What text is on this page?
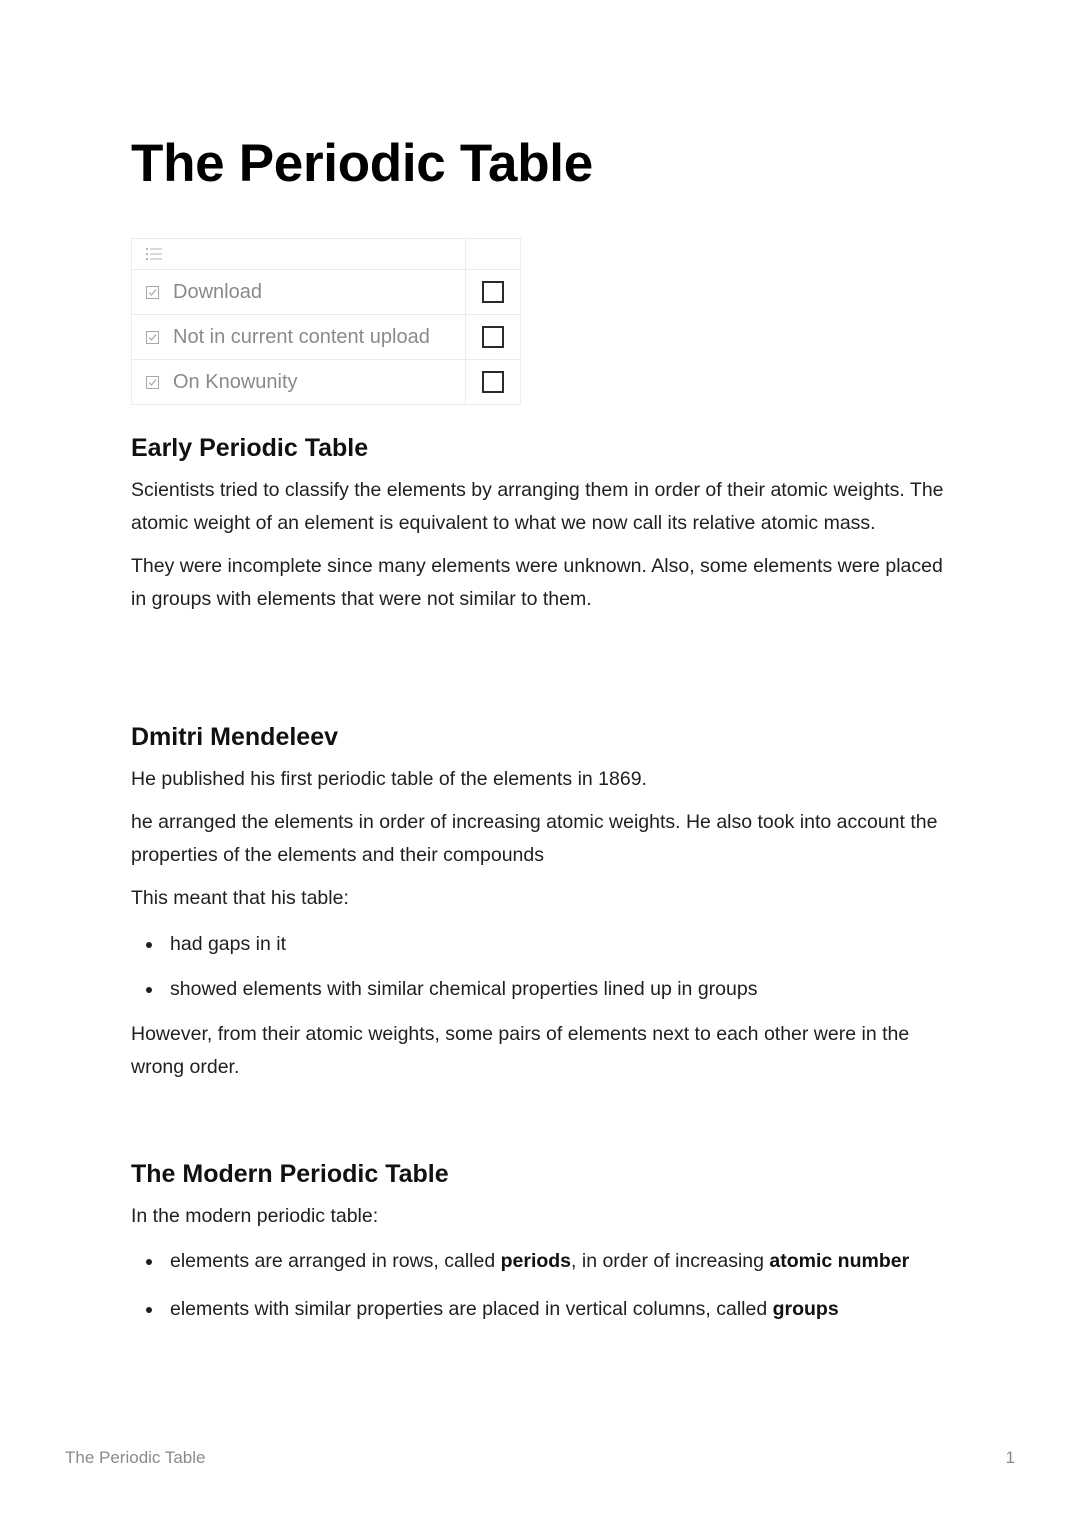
The Periodic Table

Download	

Not in current content upload	

On Knowunity	

Early Periodic Table

Scientists tried to classify the elements by arranging them in order of their atomic weights. The atomic weight of an element is equivalent to what we now call its relative atomic mass.

They were incomplete since many elements were unknown. Also, some elements were placed in groups with elements that were not similar to them.

Dmitri Mendeleev

He published his first periodic table of the elements in 1869.

he arranged the elements in order of increasing atomic weights. He also took into account the properties of the elements and their compounds

This meant that his table:

had gaps in it
showed elements with similar chemical properties lined up in groups

However, from their atomic weights, some pairs of elements next to each other were in the wrong order.

The Modern Periodic Table

In the modern periodic table:

elements are arranged in rows, called periods, in order of increasing atomic number
elements with similar properties are placed in vertical columns, called groups
The Periodic Table	1
